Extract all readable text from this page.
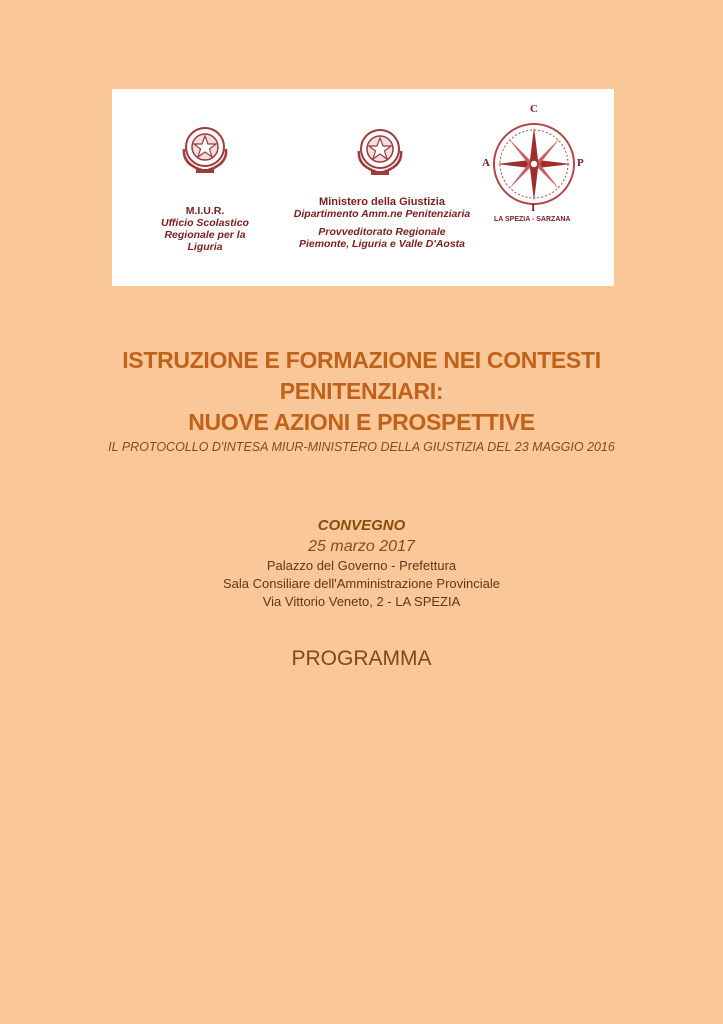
M.I.U.R.
Ufficio Scolastico
Regionale per la
Liguria
Ministero della Giustizia
Dipartimento Amm.ne Penitenziaria
Provveditorato Regionale
Piemonte, Liguria e Valle D'Aosta
C
A	P
I
LA SPEZIA - SARZANA
ISTRUZIONE E FORMAZIONE NEI CONTESTI
PENITENZIARI:
NUOVE AZIONI E PROSPETTIVE
IL PROTOCOLLO D'INTESA MIUR-MINISTERO DELLA GIUSTIZIA DEL 23 MAGGIO 2016
CONVEGNO
25 marzo 2017
Palazzo del Governo - Prefettura
Sala Consiliare dell'Amministrazione Provinciale
Via Vittorio Veneto, 2 - LA SPEZIA
PROGRAMMA
